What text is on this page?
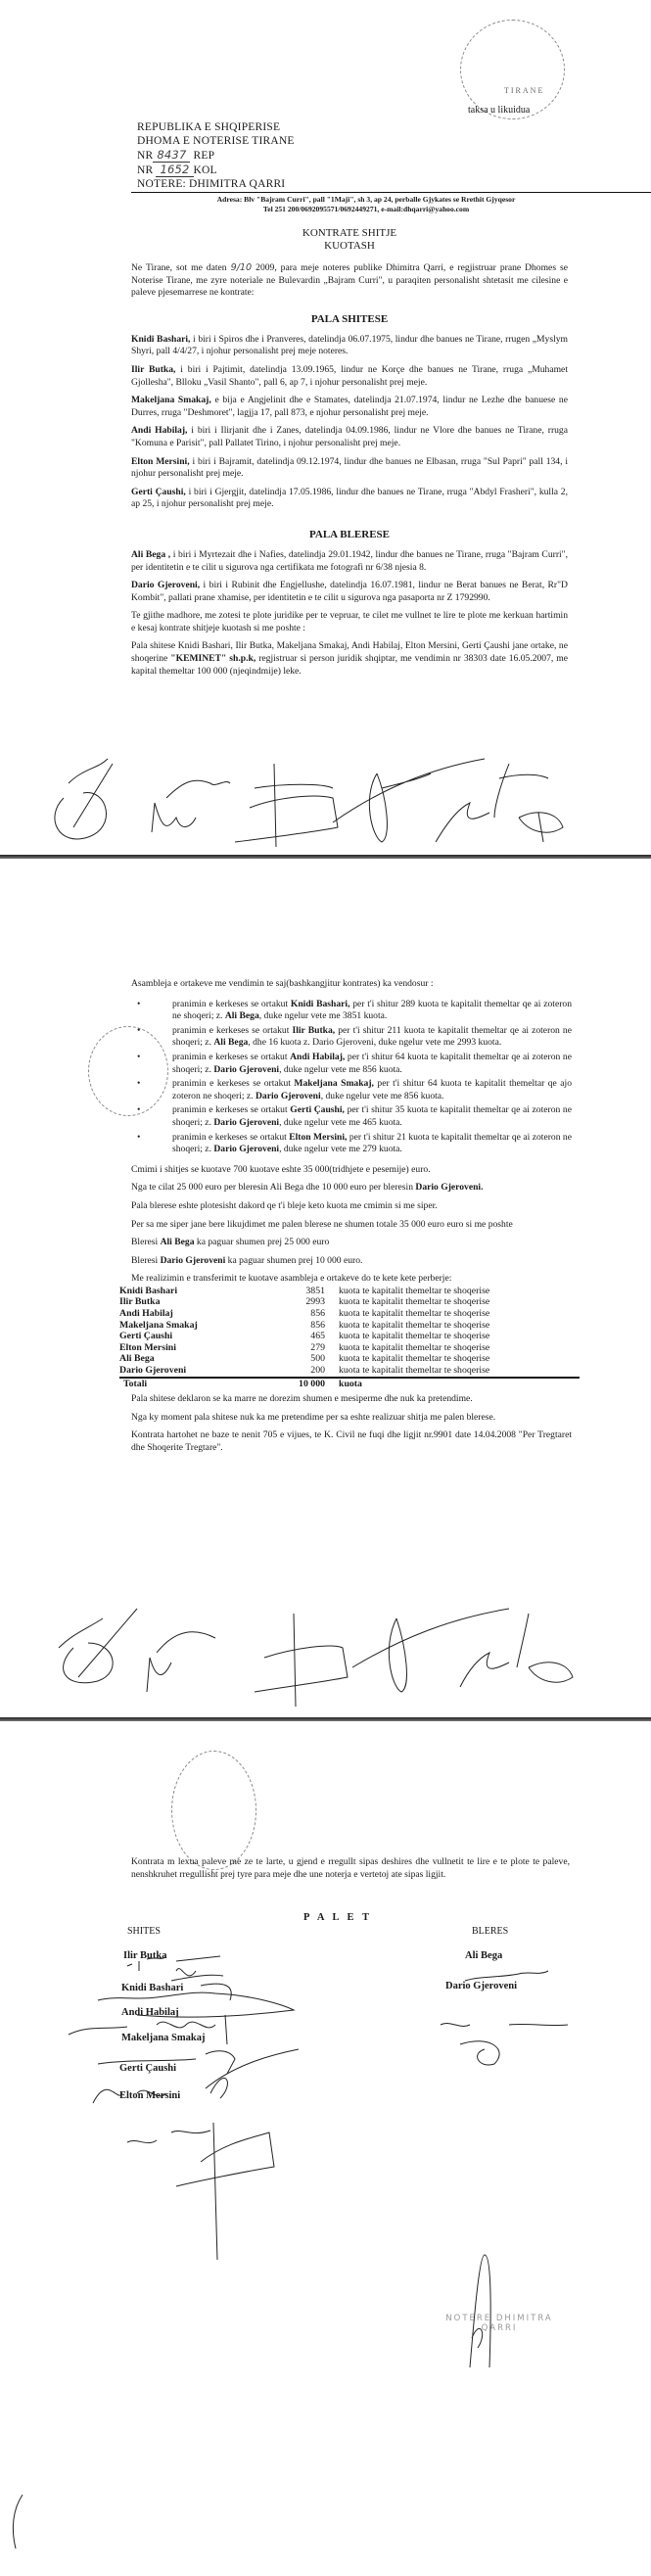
taksa u likuidua
TIRANE
REPUBLIKA E SHQIPERISE
DHOMA E NOTERISE TIRANE
NR 8437 REP
NR 1652 KOL
NOTERE: DHIMITRA QARRI
Adresa: Blv "Bajram Curri", pall "1Maji", sh 3, ap 24, perballe Gjykates se Rrethit Gjyqesor
Tel 251 200/0692095571/0692449271, e-mail:dhqarri@yahoo.com
KONTRATE SHITJE
KUOTASH

Ne Tirane, sot me daten 9/10 2009, para meje noteres publike Dhimitra Qarri, e regjistruar prane Dhomes se Noterise Tirane, me zyre noteriale ne Bulevardin „Bajram Curri", u paraqiten personalisht shtetasit me cilesine e paleve pjesemarrese ne kontrate:

PALA SHITESE

Knidi Bashari, i biri i Spiros dhe i Pranveres, datelindja 06.07.1975, lindur dhe banues ne Tirane, rrugen „Myslym Shyri, pall 4/4/27, i njohur personalisht prej meje noteres.

Ilir Butka, i biri i Pajtimit, datelindja 13.09.1965, lindur ne Korçe dhe banues ne Tirane, rruga „Muhamet Gjollesha", Blloku „Vasil Shanto", pall 6, ap 7, i njohur personalisht prej meje.

Makeljana Smakaj, e bija e Angjelinit dhe e Stamates, datelindja 21.07.1974, lindur ne Lezhe dhe banuese ne Durres, rruga "Deshmoret", lagjja 17, pall 873, e njohur personalisht prej meje.

Andi Habilaj, i biri i Ilirjanit dhe i Zanes, datelindja 04.09.1986, lindur ne Vlore dhe banues ne Tirane, rruga "Komuna e Parisit", pall Pallatet Tirino, i njohur personalisht prej meje.

Elton Mersini, i biri i Bajramit, datelindja 09.12.1974, lindur dhe banues ne Elbasan, rruga "Sul Papri" pall 134, i njohur personalisht prej meje.

Gerti Çaushi, i biri i Gjergjit, datelindja 17.05.1986, lindur dhe banues ne Tirane, rruga "Abdyl Frasheri", kulla 2, ap 25, i njohur personalisht prej meje.

PALA BLERESE

Ali Bega , i biri i Myrtezait dhe i Nafies, datelindja 29.01.1942, lindur dhe banues ne Tirane, rruga "Bajram Curri", per identitetin e te cilit u sigurova nga certifikata me fotografi nr 6/38 njesia 8.

Dario Gjeroveni, i biri i Rubinit dhe Engjellushe, datelindja 16.07.1981, lindur ne Berat banues ne Berat, Rr"D Kombit", pallati prane xhamise, per identitetin e te cilit u sigurova nga pasaporta nr Z 1792990.

Te gjithe madhore, me zotesi te plote juridike per te vepruar, te cilet me vullnet te lire te plote me kerkuan hartimin e kesaj kontrate shitjeje kuotash si me poshte :

Pala shitese Knidi Bashari, Ilir Butka, Makeljana Smakaj, Andi Habilaj, Elton Mersini, Gerti Çaushi jane ortake, ne shoqerine "KEMINET" sh.p.k, regjistruar si person juridik shqiptar, me vendimin nr 38303 date 16.05.2007, me kapital themeltar 100 000 (njeqindmije) leke.

Asambleja e ortakeve me vendimin te saj(bashkangjitur kontrates) ka vendosur :

• pranimin e kerkeses se ortakut Knidi Bashari, per t'i shitur 289 kuota te kapitalit themeltar qe ai zoteron ne shoqeri; z. Ali Bega, duke ngelur vete me 3851 kuota.
• pranimin e kerkeses se ortakut Ilir Butka, per t'i shitur 211 kuota te kapitalit themeltar qe ai zoteron ne shoqeri; z. Ali Bega, dhe 16 kuota z. Dario Gjeroveni, duke ngelur vete me 2993 kuota.
• pranimin e kerkeses se ortakut Andi Habilaj, per t'i shitur 64 kuota te kapitalit themeltar qe ai zoteron ne shoqeri; z. Dario Gjeroveni, duke ngelur vete me 856 kuota.
• pranimin e kerkeses se ortakut Makeljana Smakaj, per t'i shitur 64 kuota te kapitalit themeltar qe ajo zoteron ne shoqeri; z. Dario Gjeroveni, duke ngelur vete me 856 kuota.
• pranimin e kerkeses se ortakut Gerti Çaushi, per t'i shitur 35 kuota te kapitalit themeltar qe ai zoteron ne shoqeri; z. Dario Gjeroveni, duke ngelur vete me 465 kuota.
• pranimin e kerkeses se ortakut Elton Mersini, per t'i shitur 21 kuota te kapitalit themeltar qe ai zoteron ne shoqeri; z. Dario Gjeroveni, duke ngelur vete me 279 kuota.

Cmimi i shitjes se kuotave 700 kuotave eshte 35 000(tridhjete e pesemije) euro.

Nga te cilat 25 000 euro per bleresin Ali Bega dhe 10 000 euro per bleresin Dario Gjeroveni.

Pala blerese eshte plotesisht dakord qe t'i bleje keto kuota me cmimin si me siper.

Per sa me siper jane bere likujdimet me palen blerese ne shumen totale 35 000 euro euro si me poshte

Bleresi Ali Bega ka paguar shumen prej 25 000 euro

Bleresi Dario Gjeroveni ka paguar shumen prej 10 000 euro.

Me realizimin e transferimit te kuotave asambleja e ortakeve do te kete kete perberje:
Knidi Bashari	3851	kuota te kapitalit themeltar te shoqerise
Ilir Butka	2993	kuota te kapitalit themeltar te shoqerise
Andi Habilaj	856	kuota te kapitalit themeltar te shoqerise
Makeljana Smakaj	856	kuota te kapitalit themeltar te shoqerise
Gerti Çaushi	465	kuota te kapitalit themeltar te shoqerise
Elton Mersini	279	kuota te kapitalit themeltar te shoqerise
Ali Bega	500	kuota te kapitalit themeltar te shoqerise
Dario Gjeroveni	200	kuota te kapitalit themeltar te shoqerise
Totali	10 000	kuota

Pala shitese deklaron se ka marre ne dorezim shumen e mesiperme dhe nuk ka pretendime.

Nga ky moment pala shitese nuk ka me pretendime per sa eshte realizuar shitja me palen blerese.

Kontrata hartohet ne baze te nenit 705 e vijues, te K. Civil ne fuqi dhe ligjit nr.9901 date 14.04.2008 "Per Tregtaret dhe Shoqerite Tregtare".

Kontrata m lexua paleve me ze te larte, u gjend e rregullt sipas deshires dhe vullnetit te lire e te plote te paleve, nenshkruhet rregullisht prej tyre para meje dhe une noterja e vertetoj ate sipas ligjit.

P A L E T
SHITES	BLERES
Ilir Butka
Knidi Bashari
Andi Habilaj
Makeljana Smakaj
Gerti Çaushi
Elton Mersini
Ali Bega
Dario Gjeroveni
NOTERE DHIMITRA QARRI
